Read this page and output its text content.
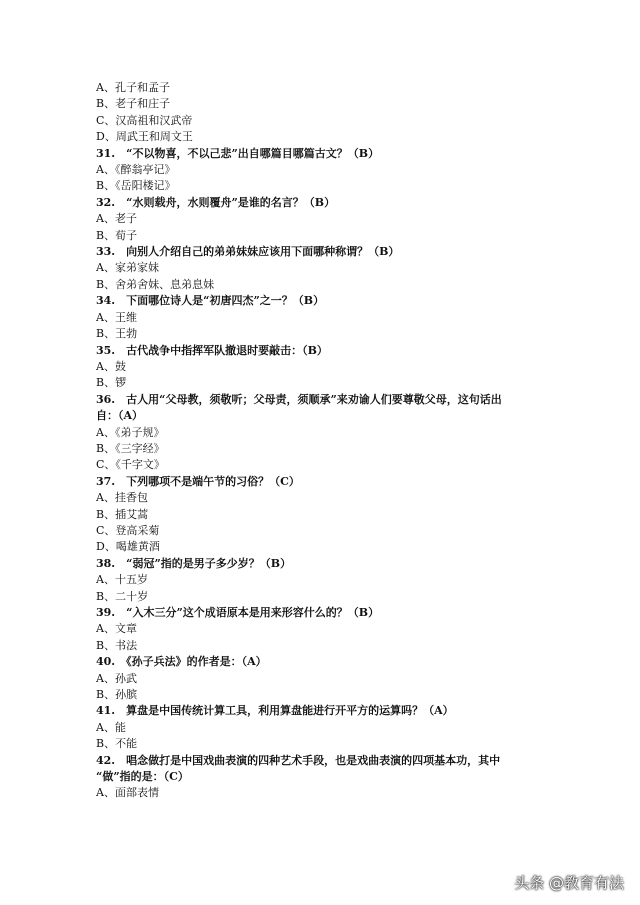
A、孔子和孟子
B、老子和庄子
C、汉高祖和汉武帝
D、周武王和周文王
31.　“不以物喜，不以己悲”出自哪篇目哪篇古文？（B）
A、《醉翁亭记》
B、《岳阳楼记》
32.　“水则载舟，水则覆舟”是谁的名言？（B）
A、老子
B、荀子
33.　向别人介绍自己的弟弟妹妹应该用下面哪种称谓？（B）
A、家弟家妹
B、舍弟舍妹、息弟息妹
34.　下面哪位诗人是“初唐四杰”之一？（B）
A、王维
B、王勃
35.　古代战争中指挥军队撤退时要敲击：（B）
A、鼓
B、锣
36.　古人用“父母教，须敬听；父母责，须顺承”来劝谕人们要尊敬父母，这句话出
自：（A）
A、《弟子规》
B、《三字经》
C、《千字文》
37.　下列哪项不是端午节的习俗？（C）
A、挂香包
B、插艾蒿
C、登高采菊
D、喝雄黄酒
38.　“弱冠”指的是男子多少岁？（B）
A、十五岁
B、二十岁
39.　“入木三分”这个成语原本是用来形容什么的？（B）
A、文章
B、书法
40.　《孙子兵法》的作者是：（A）
A、孙武
B、孙膑
41.　算盘是中国传统计算工具，利用算盘能进行开平方的运算吗？（A）
A、能
B、不能
42.　唱念做打是中国戏曲表演的四种艺术手段，也是戏曲表演的四项基本功，其中
“做”指的是：（C）
A、面部表情
头条 @教育有法
